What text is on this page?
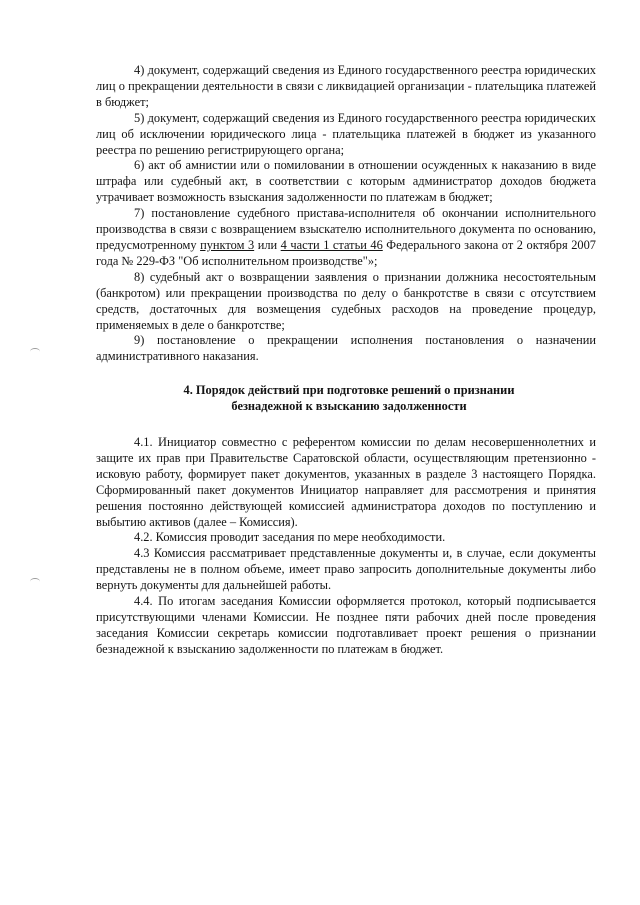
4) документ, содержащий сведения из Единого государственного реестра юридических лиц о прекращении деятельности в связи с ликвидацией организации - плательщика платежей в бюджет;

5) документ, содержащий сведения из Единого государственного реестра юридических лиц об исключении юридического лица - плательщика платежей в бюджет из указанного реестра по решению регистрирующего органа;

6) акт об амнистии или о помиловании в отношении осужденных к наказанию в виде штрафа или судебный акт, в соответствии с которым администратор доходов бюджета утрачивает возможность взыскания задолженности по платежам в бюджет;

7) постановление судебного пристава-исполнителя об окончании исполнительного производства в связи с возвращением взыскателю исполнительного документа по основанию, предусмотренному пунктом 3 или 4 части 1 статьи 46 Федерального закона от 2 октября 2007 года № 229-ФЗ "Об исполнительном производстве"»;

8) судебный акт о возвращении заявления о признании должника несостоятельным (банкротом) или прекращении производства по делу о банкротстве в связи с отсутствием средств, достаточных для возмещения судебных расходов на проведение процедур, применяемых в деле о банкротстве;

9) постановление о прекращении исполнения постановления о назначении административного наказания.

4. Порядок действий при подготовке решений о признании
безнадежной к взысканию задолженности

4.1. Инициатор совместно с референтом комиссии по делам несовершеннолетних и защите их прав при Правительстве Саратовской области, осуществляющим претензионно - исковую работу, формирует пакет документов, указанных в разделе 3 настоящего Порядка. Сформированный пакет документов Инициатор направляет для рассмотрения и принятия решения постоянно действующей комиссией администратора доходов по поступлению и выбытию активов (далее – Комиссия).

4.2. Комиссия проводит заседания по мере необходимости.

4.3 Комиссия рассматривает представленные документы и, в случае, если документы представлены не в полном объеме, имеет право запросить дополнительные документы либо вернуть документы для дальнейшей работы.

4.4. По итогам заседания Комиссии оформляется протокол, который подписывается присутствующими членами Комиссии. Не позднее пяти рабочих дней после проведения заседания Комиссии секретарь комиссии подготавливает проект решения о признании безнадежной к взысканию задолженности по платежам в бюджет.
